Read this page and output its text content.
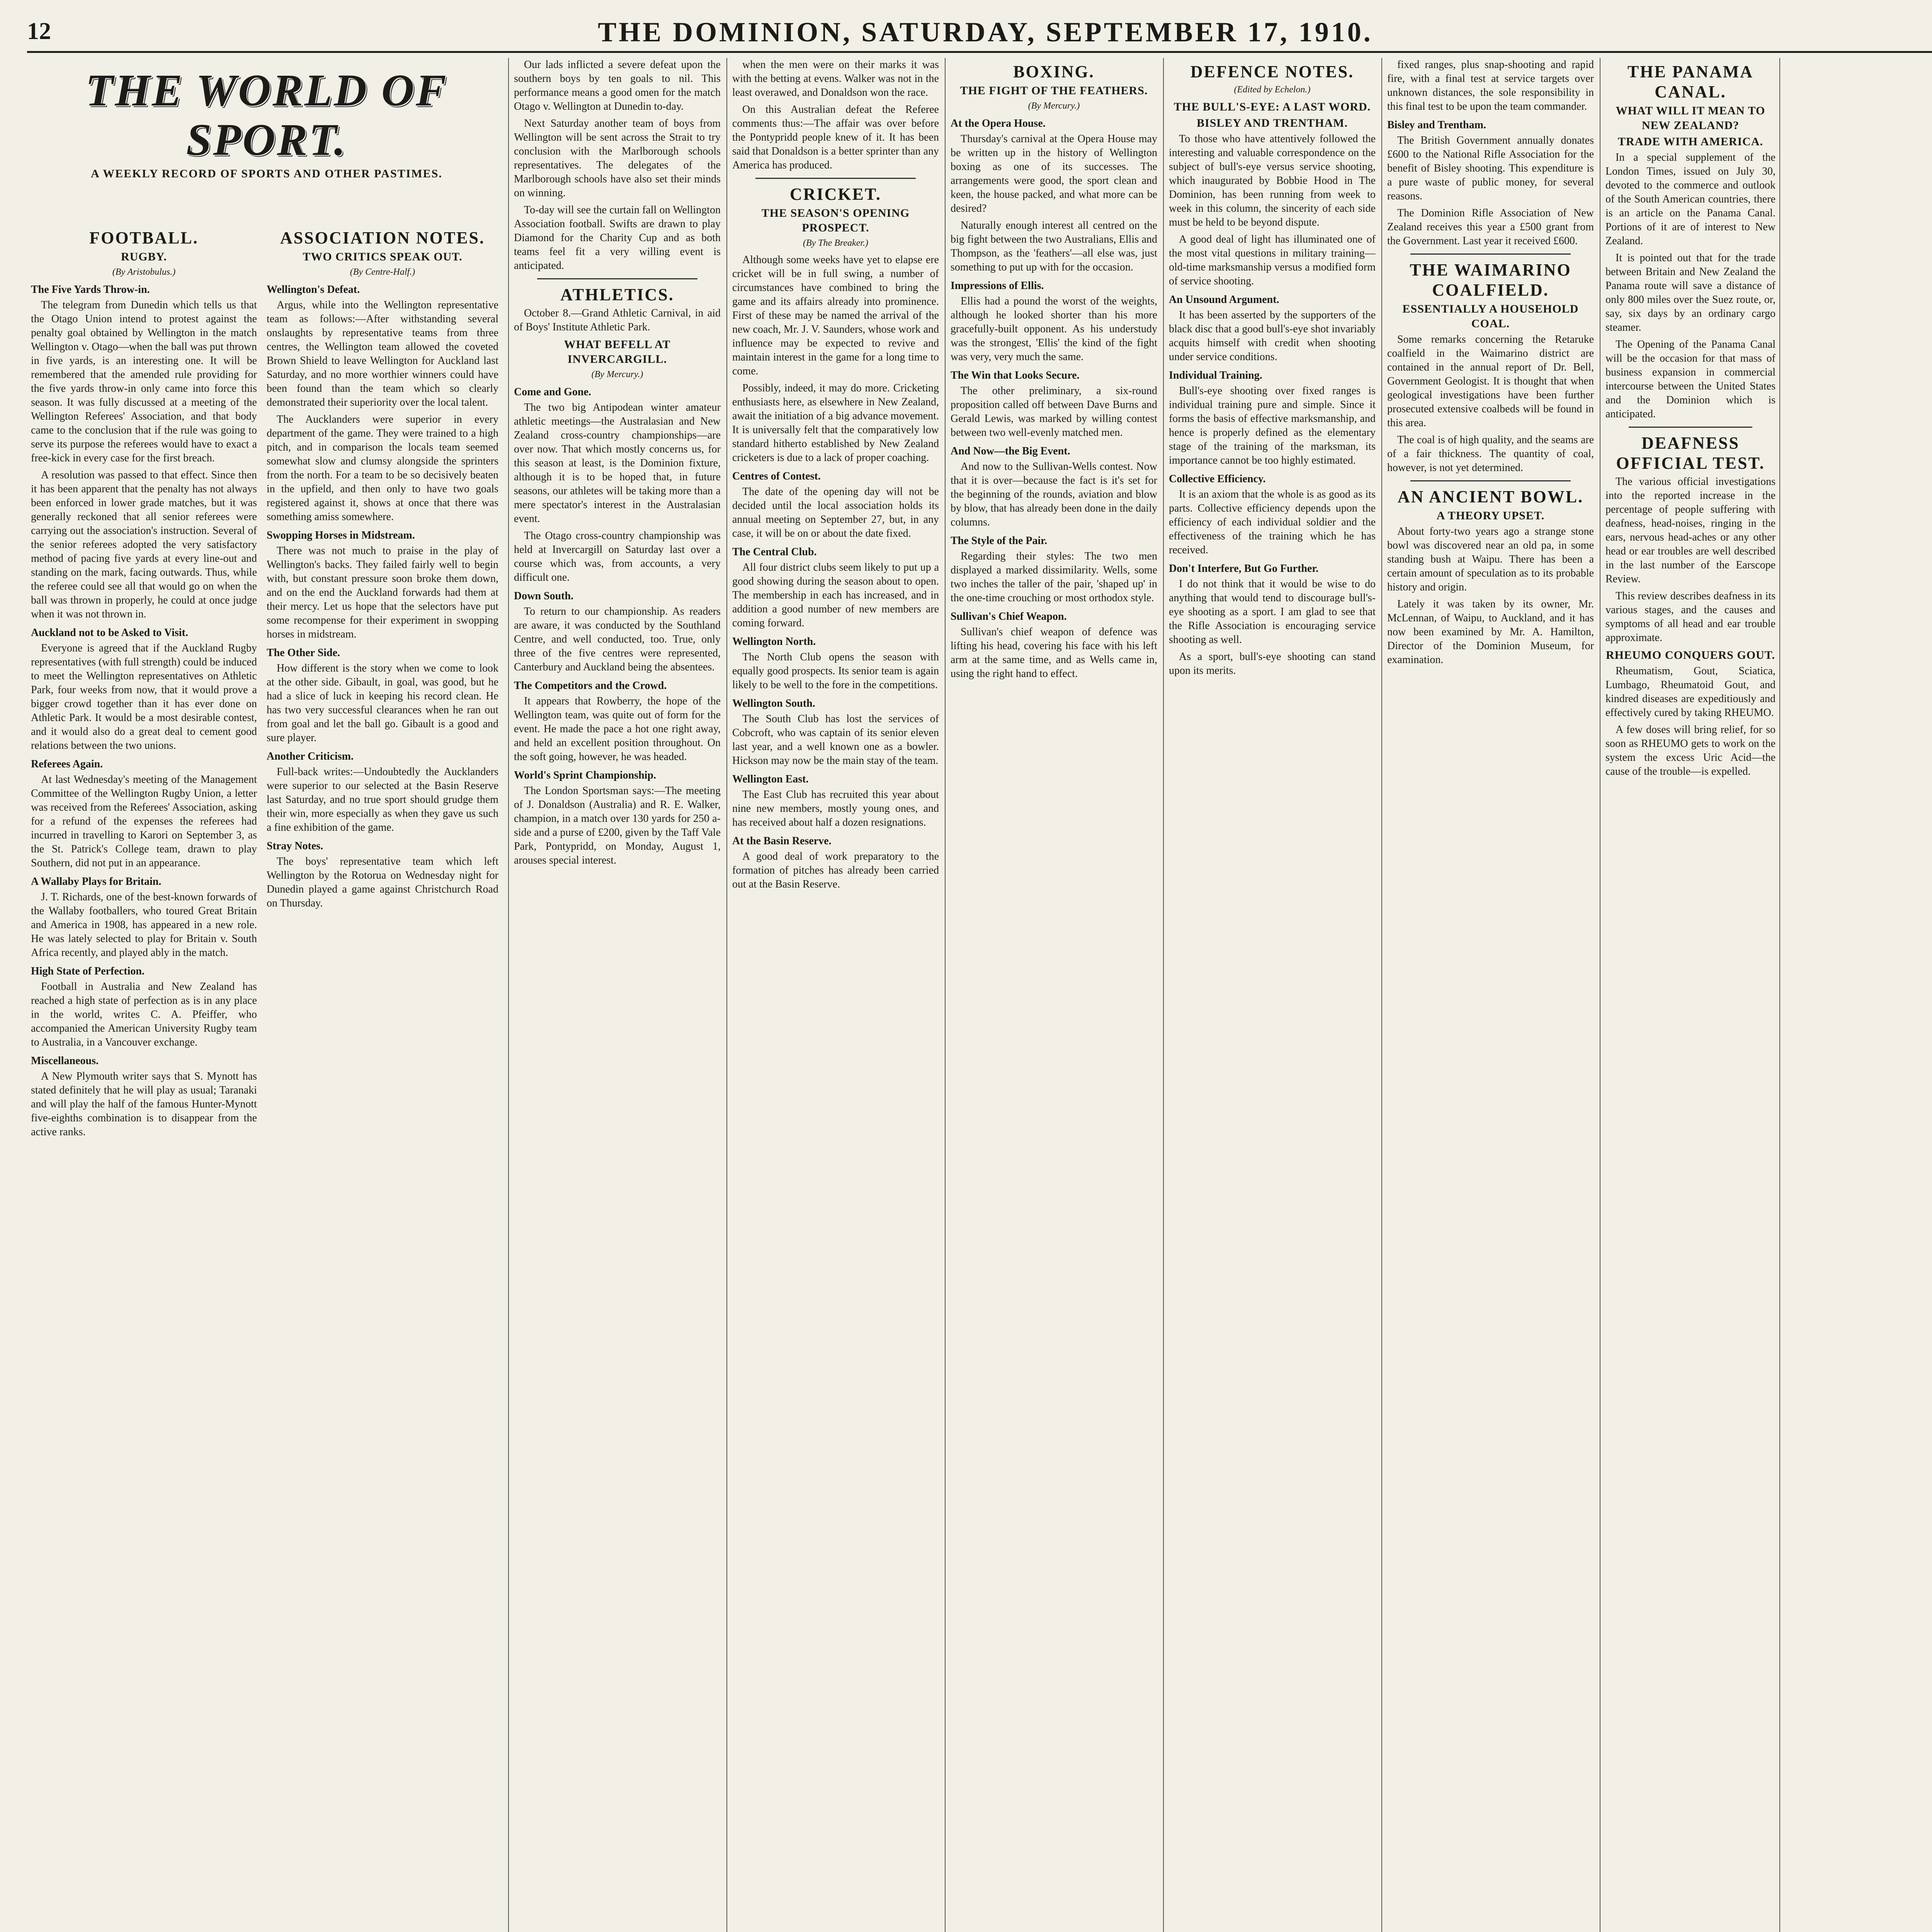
12	THE DOMINION, SATURDAY, SEPTEMBER 17, 1910.
THE WORLD OF SPORT.
A WEEKLY RECORD OF SPORTS AND OTHER PASTIMES.
FOOTBALL.
RUGBY.
(By Aristobulus.)
The Five Yards Throw-in.

The telegram from Dunedin which tells us that the Otago Union intend to protest against the penalty goal obtained by Wellington in the match Wellington v. Otago—when the ball was put thrown in five yards, is an interesting one. It will be remembered that the amended rule providing for the five yards throw-in only came into force this season. It was fully discussed at a meeting of the Wellington Referees' Association, and that body came to the conclusion that if the rule was going to serve its purpose the referees would have to exact a free-kick in every case for the first breach.

A resolution was passed to that effect. Since then it has been apparent that the penalty has not always been enforced in lower grade matches, but it was generally reckoned that all senior referees were carrying out the association's instruction. Several of the senior referees adopted the very satisfactory method of pacing five yards at every line-out and standing on the mark, facing outwards. Thus, while the referee could see all that would go on when the ball was thrown in properly, he could at once judge when it was not thrown in.

Auckland not to be Asked to Visit.

Everyone is agreed that if the Auckland Rugby representatives (with full strength) could be induced to meet the Wellington representatives on Athletic Park, four weeks from now, that it would prove a bigger crowd together than it has ever done on Athletic Park. It would be a most desirable contest, and it would also do a great deal to cement good relations between the two unions.

Referees Again.

At last Wednesday's meeting of the Management Committee of the Wellington Rugby Union, a letter was received from the Referees' Association, asking for a refund of the expenses the referees had incurred in travelling to Karori on September 3, as the St. Patrick's College team, drawn to play Southern, did not put in an appearance.

A Wallaby Plays for Britain.

J. T. Richards, one of the best-known forwards of the Wallaby footballers, who toured Great Britain and America in 1908, has appeared in a new role. He was lately selected to play for Britain v. South Africa recently, and played ably in the match.

High State of Perfection.

Football in Australia and New Zealand has reached a high state of perfection as is in any place in the world, writes C. A. Pfeiffer, who accompanied the American University Rugby team to Australia, in a Vancouver exchange.

Miscellaneous.

A New Plymouth writer says that S. Mynott has stated definitely that he will play as usual; Taranaki and will play the half of the famous Hunter-Mynott five-eighths combination is to disappear from the active ranks.

ASSOCIATION NOTES.
TWO CRITICS SPEAK OUT.
(By Centre-Half.)
Wellington's Defeat.

Argus, while into the Wellington representative team as follows:—After withstanding several onslaughts by representative teams from three centres, the Wellington team allowed the coveted Brown Shield to leave Wellington for Auckland last Saturday, and no more worthier winners could have been found than the team which so clearly demonstrated their superiority over the local talent.

The Aucklanders were superior in every department of the game. They were trained to a high pitch, and in comparison the locals team seemed somewhat slow and clumsy alongside the sprinters from the north. For a team to be so decisively beaten in the upfield, and then only to have two goals registered against it, shows at once that there was something amiss somewhere.

Swopping Horses in Midstream.

There was not much to praise in the play of Wellington's backs. They failed fairly well to begin with, but constant pressure soon broke them down, and on the end the Auckland forwards had them at their mercy. Let us hope that the selectors have put some recompense for their experiment in swopping horses in midstream.

The Other Side.

How different is the story when we come to look at the other side. Gibault, in goal, was good, but he had a slice of luck in keeping his record clean. He has two very successful clearances when he ran out from goal and let the ball go. Gibault is a good and sure player.

Another Criticism.

Full-back writes:—Undoubtedly the Aucklanders were superior to our selected at the Basin Reserve last Saturday, and no true sport should grudge them their win, more especially as when they gave us such a fine exhibition of the game.

Stray Notes.

The boys' representative team which left Wellington by the Rotorua on Wednesday night for Dunedin played a game against Christchurch Road on Thursday.

Our lads inflicted a severe defeat upon the southern boys by ten goals to nil. This performance means a good omen for the match Otago v. Wellington at Dunedin to-day.

Next Saturday another team of boys from Wellington will be sent across the Strait to try conclusion with the Marlborough schools representatives. The delegates of the Marlborough schools have also set their minds on winning.

To-day will see the curtain fall on Wellington Association football. Swifts are drawn to play Diamond for the Charity Cup and as both teams feel fit a very willing event is anticipated.

ATHLETICS.

October 8.—Grand Athletic Carnival, in aid of Boys' Institute Athletic Park.

WHAT BEFELL AT INVERCARGILL.
(By Mercury.)
Come and Gone.

The two big Antipodean winter amateur athletic meetings—the Australasian and New Zealand cross-country championships—are over now. That which mostly concerns us, for this season at least, is the Dominion fixture, although it is to be hoped that, in future seasons, our athletes will be taking more than a mere spectator's interest in the Australasian event.

The Otago cross-country championship was held at Invercargill on Saturday last over a course which was, from accounts, a very difficult one.

Down South.

To return to our championship. As readers are aware, it was conducted by the Southland Centre, and well conducted, too. True, only three of the five centres were represented, Canterbury and Auckland being the absentees.

The Competitors and the Crowd.

It appears that Rowberry, the hope of the Wellington team, was quite out of form for the event. He made the pace a hot one right away, and held an excellent position throughout. On the soft going, however, he was headed.

World's Sprint Championship.

The London Sportsman says:—The meeting of J. Donaldson (Australia) and R. E. Walker, champion, in a match over 130 yards for 250 a-side and a purse of £200, given by the Taff Vale Park, Pontypridd, on Monday, August 1, arouses special interest.

when the men were on their marks it was with the betting at evens. Walker was not in the least overawed, and Donaldson won the race.

On this Australian defeat the Referee comments thus:—The affair was over before the Pontypridd people knew of it. It has been said that Donaldson is a better sprinter than any America has produced.

CRICKET.
THE SEASON'S OPENING PROSPECT.
(By The Breaker.)

Although some weeks have yet to elapse ere cricket will be in full swing, a number of circumstances have combined to bring the game and its affairs already into prominence. First of these may be named the arrival of the new coach, Mr. J. V. Saunders, whose work and influence may be expected to revive and maintain interest in the game for a long time to come.

Possibly, indeed, it may do more. Cricketing enthusiasts here, as elsewhere in New Zealand, await the initiation of a big advance movement. It is universally felt that the comparatively low standard hitherto established by New Zealand cricketers is due to a lack of proper coaching.

Centres of Contest.

The date of the opening day will not be decided until the local association holds its annual meeting on September 27, but, in any case, it will be on or about the date fixed.

The Central Club.

All four district clubs seem likely to put up a good showing during the season about to open. The membership in each has increased, and in addition a good number of new members are coming forward.

Wellington North.

The North Club opens the season with equally good prospects. Its senior team is again likely to be well to the fore in the competitions.

Wellington South.

The South Club has lost the services of Cobcroft, who was captain of its senior eleven last year, and a well known one as a bowler. Hickson may now be the main stay of the team.

Wellington East.

The East Club has recruited this year about nine new members, mostly young ones, and has received about half a dozen resignations.

At the Basin Reserve.

A good deal of work preparatory to the formation of pitches has already been carried out at the Basin Reserve.

BOXING.
THE FIGHT OF THE FEATHERS.
(By Mercury.)
At the Opera House.

Thursday's carnival at the Opera House may be written up in the history of Wellington boxing as one of its successes. The arrangements were good, the sport clean and keen, the house packed, and what more can be desired?

Naturally enough interest all centred on the big fight between the two Australians, Ellis and Thompson, as the 'feathers'—all else was, just something to put up with for the occasion.

Impressions of Ellis.

Ellis had a pound the worst of the weights, although he looked shorter than his more gracefully-built opponent. As his understudy was the strongest, 'Ellis' the kind of the fight was very, very much the same.

The Win that Looks Secure.

The other preliminary, a six-round proposition called off between Dave Burns and Gerald Lewis, was marked by willing contest between two well-evenly matched men.

And Now—the Big Event.

And now to the Sullivan-Wells contest. Now that it is over—because the fact is it's set for the beginning of the rounds, aviation and blow by blow, that has already been done in the daily columns.

The Style of the Pair.

Regarding their styles: The two men displayed a marked dissimilarity. Wells, some two inches the taller of the pair, 'shaped up' in the one-time crouching or most orthodox style.

Sullivan's Chief Weapon.

Sullivan's chief weapon of defence was lifting his head, covering his face with his left arm at the same time, and as Wells came in, using the right hand to effect.

DEFENCE NOTES.
(Edited by Echelon.)
THE BULL'S-EYE: A LAST WORD.
BISLEY AND TRENTHAM.

To those who have attentively followed the interesting and valuable correspondence on the subject of bull's-eye versus service shooting, which inaugurated by Bobbie Hood in The Dominion, has been running from week to week in this column, the sincerity of each side must be held to be beyond dispute.

A good deal of light has illuminated one of the most vital questions in military training—old-time marksmanship versus a modified form of service shooting.

An Unsound Argument.

It has been asserted by the supporters of the black disc that a good bull's-eye shot invariably acquits himself with credit when shooting under service conditions.

Individual Training.

Bull's-eye shooting over fixed ranges is individual training pure and simple. Since it forms the basis of effective marksmanship, and hence is properly defined as the elementary stage of the training of the marksman, its importance cannot be too highly estimated.

Collective Efficiency.

It is an axiom that the whole is as good as its parts. Collective efficiency depends upon the efficiency of each individual soldier and the effectiveness of the training which he has received.

Don't Interfere, But Go Further.

I do not think that it would be wise to do anything that would tend to discourage bull's-eye shooting as a sport. I am glad to see that the Rifle Association is encouraging service shooting as well.

As a sport, bull's-eye shooting can stand upon its merits.

fixed ranges, plus snap-shooting and rapid fire, with a final test at service targets over unknown distances, the sole responsibility in this final test to be upon the team commander.

Bisley and Trentham.

The British Government annually donates £600 to the National Rifle Association for the benefit of Bisley shooting. This expenditure is a pure waste of public money, for several reasons.

The Dominion Rifle Association of New Zealand receives this year a £500 grant from the Government. Last year it received £600.

THE WAIMARINO COALFIELD.
ESSENTIALLY A HOUSEHOLD COAL.

Some remarks concerning the Retaruke coalfield in the Waimarino district are contained in the annual report of Dr. Bell, Government Geologist. It is thought that when geological investigations have been further prosecuted extensive coalbeds will be found in this area.

The coal is of high quality, and the seams are of a fair thickness. The quantity of coal, however, is not yet determined.

AN ANCIENT BOWL.
A THEORY UPSET.

About forty-two years ago a strange stone bowl was discovered near an old pa, in some standing bush at Waipu. There has been a certain amount of speculation as to its probable history and origin.

Lately it was taken by its owner, Mr. McLennan, of Waipu, to Auckland, and it has now been examined by Mr. A. Hamilton, Director of the Dominion Museum, for examination.

THE PANAMA CANAL.
WHAT WILL IT MEAN TO NEW ZEALAND?
TRADE WITH AMERICA.

In a special supplement of the London Times, issued on July 30, devoted to the commerce and outlook of the South American countries, there is an article on the Panama Canal. Portions of it are of interest to New Zealand.

It is pointed out that for the trade between Britain and New Zealand the Panama route will save a distance of only 800 miles over the Suez route, or, say, six days by an ordinary cargo steamer.

The Opening of the Panama Canal will be the occasion for that mass of business expansion in commercial intercourse between the United States and the Dominion which is anticipated.

DEAFNESS OFFICIAL TEST.

The various official investigations into the reported increase in the percentage of people suffering with deafness, head-noises, ringing in the ears, nervous head-aches or any other head or ear troubles are well described in the last number of the Earscope Review.

This review describes deafness in its various stages, and the causes and symptoms of all head and ear trouble approximate.

RHEUMO CONQUERS GOUT.

Rheumatism, Gout, Sciatica, Lumbago, Rheumatoid Gout, and kindred diseases are expeditiously and effectively cured by taking RHEUMO.

A few doses will bring relief, for so soon as RHEUMO gets to work on the system the excess Uric Acid—the cause of the trouble—is expelled.
